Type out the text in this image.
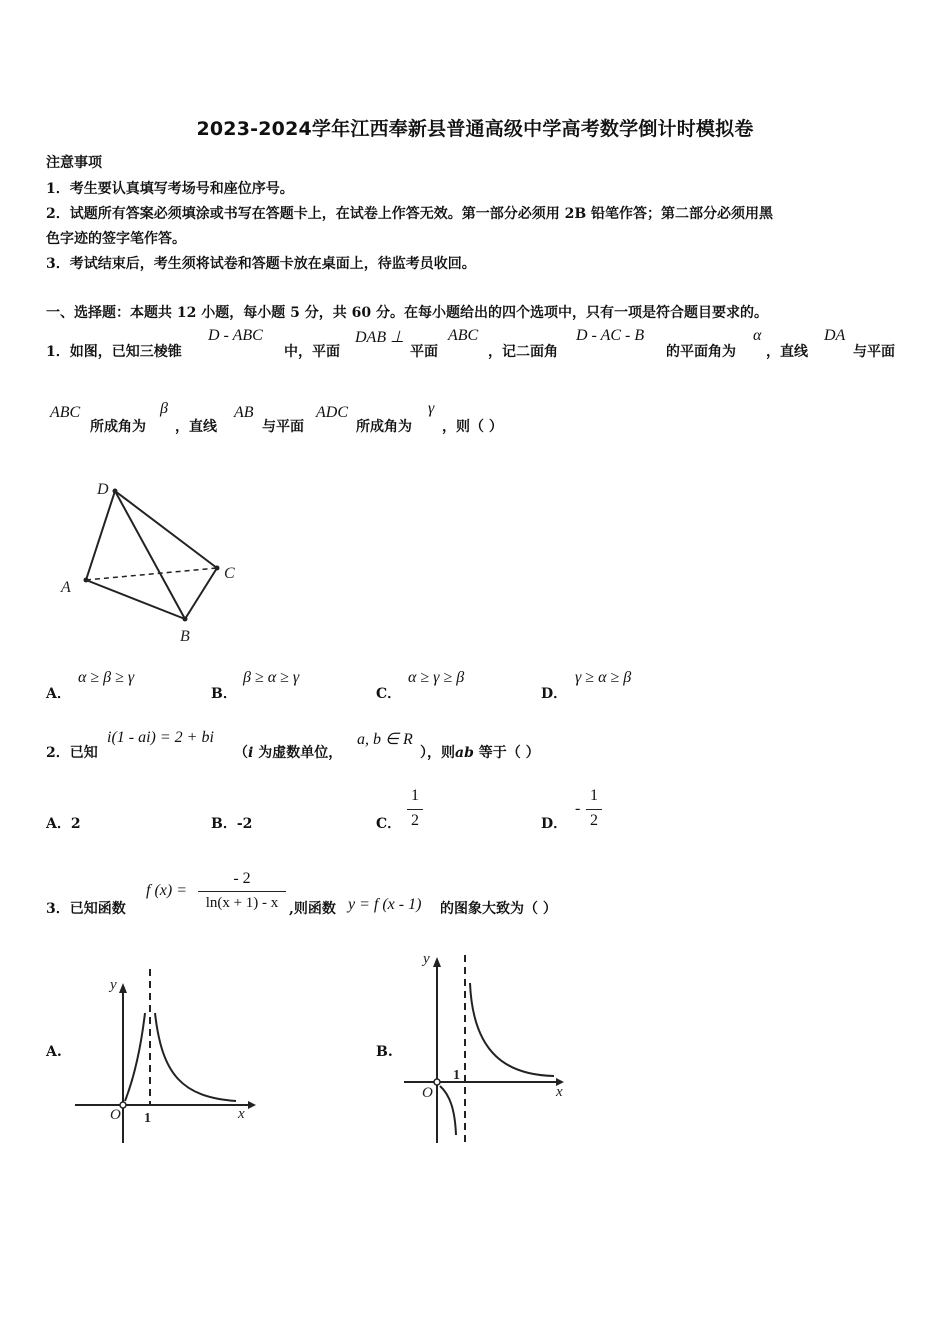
2023-2024学年江西奉新县普通高级中学高考数学倒计时模拟卷
注意事项
1．考生要认真填写考场号和座位序号。
2．试题所有答案必须填涂或书写在答题卡上，在试卷上作答无效。第一部分必须用 2B 铅笔作答；第二部分必须用黑
色字迹的签字笔作答。
3．考试结束后，考生须将试卷和答题卡放在桌面上，待监考员收回。
一、选择题：本题共 12 小题，每小题 5 分，共 60 分。在每小题给出的四个选项中，只有一项是符合题目要求的。
1．如图，已知三棱锥
D - ABC
中，平面
DAB ⊥
平面
ABC
，记二面角
D - AC - B
的平面角为
α
，直线
DA
与平面
ABC
所成角为
β
，直线
AB
与平面
ADC
所成角为
γ
，则（ ）
D
A
B
C
A．
α ≥ β ≥ γ
B．
β ≥ α ≥ γ
C．
α ≥ γ ≥ β
D．
γ ≥ α ≥ β
2．已知
i(1 - ai) = 2 + bi
（i 为虚数单位，
a, b ∈ R
），则ab 等于（ ）
A．2	B．-2	C．
1
2	D．
-
1
2
3．已知函数
f (x) =
- 2
ln(x + 1) - x ,则函数 y = f (x - 1) 的图象大致为（ ）
A.
y
x
O 1
B.
y
x
O
1
